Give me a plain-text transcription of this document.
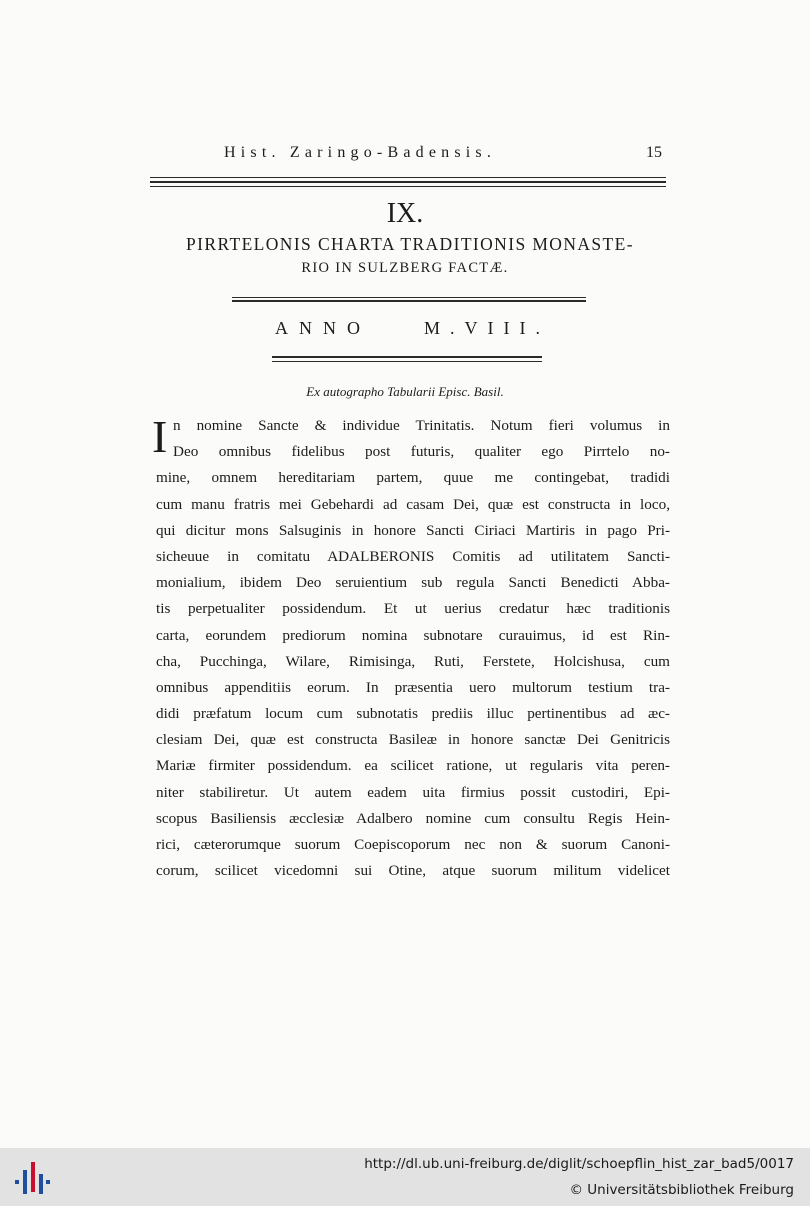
Hist. Zaringo-Badensis.	15
IX.
PIRRTELONIS CHARTA TRADITIONIS MONASTE-
RIO IN SULZBERG FACTÆ.
ANNO	M.VIII.
Ex autographo Tabularii Episc. Basil.
I n nomine Sancte & individue Trinitatis. Notum fieri volumus in
Deo omnibus fidelibus post futuris, qualiter ego Pirrtelo no-
mine, omnem hereditariam partem, quue me contingebat, tradidi
cum manu fratris mei Gebehardi ad casam Dei, quæ est constructa in loco,
qui dicitur mons Salsuginis in honore Sancti Ciriaci Martiris in pago Pri-
sicheuue in comitatu ADALBERONIS Comitis ad utilitatem Sancti-
monialium, ibidem Deo seruientium sub regula Sancti Benedicti Abba-
tis perpetualiter possidendum. Et ut uerius credatur hæc traditionis
carta, eorundem prediorum nomina subnotare curauimus, id est Rin-
cha, Pucchinga, Wilare, Rimisinga, Ruti, Ferstete, Holcishusa, cum
omnibus appenditiis eorum. In præsentia uero multorum testium tra-
didi præfatum locum cum subnotatis prediis illuc pertinentibus ad æc-
clesiam Dei, quæ est constructa Basileæ in honore sanctæ Dei Genitricis
Mariæ firmiter possidendum. ea scilicet ratione, ut regularis vita peren-
niter stabiliretur. Ut autem eadem uita firmius possit custodiri, Epi-
scopus Basiliensis æcclesiæ Adalbero nomine cum consultu Regis Hein-
rici, cæterorumque suorum Coepiscoporum nec non & suorum Canoni-
corum, scilicet vicedomni sui Otine, atque suorum militum videlicet
http://dl.ub.uni-freiburg.de/diglit/schoepflin_hist_zar_bad5/0017
© Universitätsbibliothek Freiburg
